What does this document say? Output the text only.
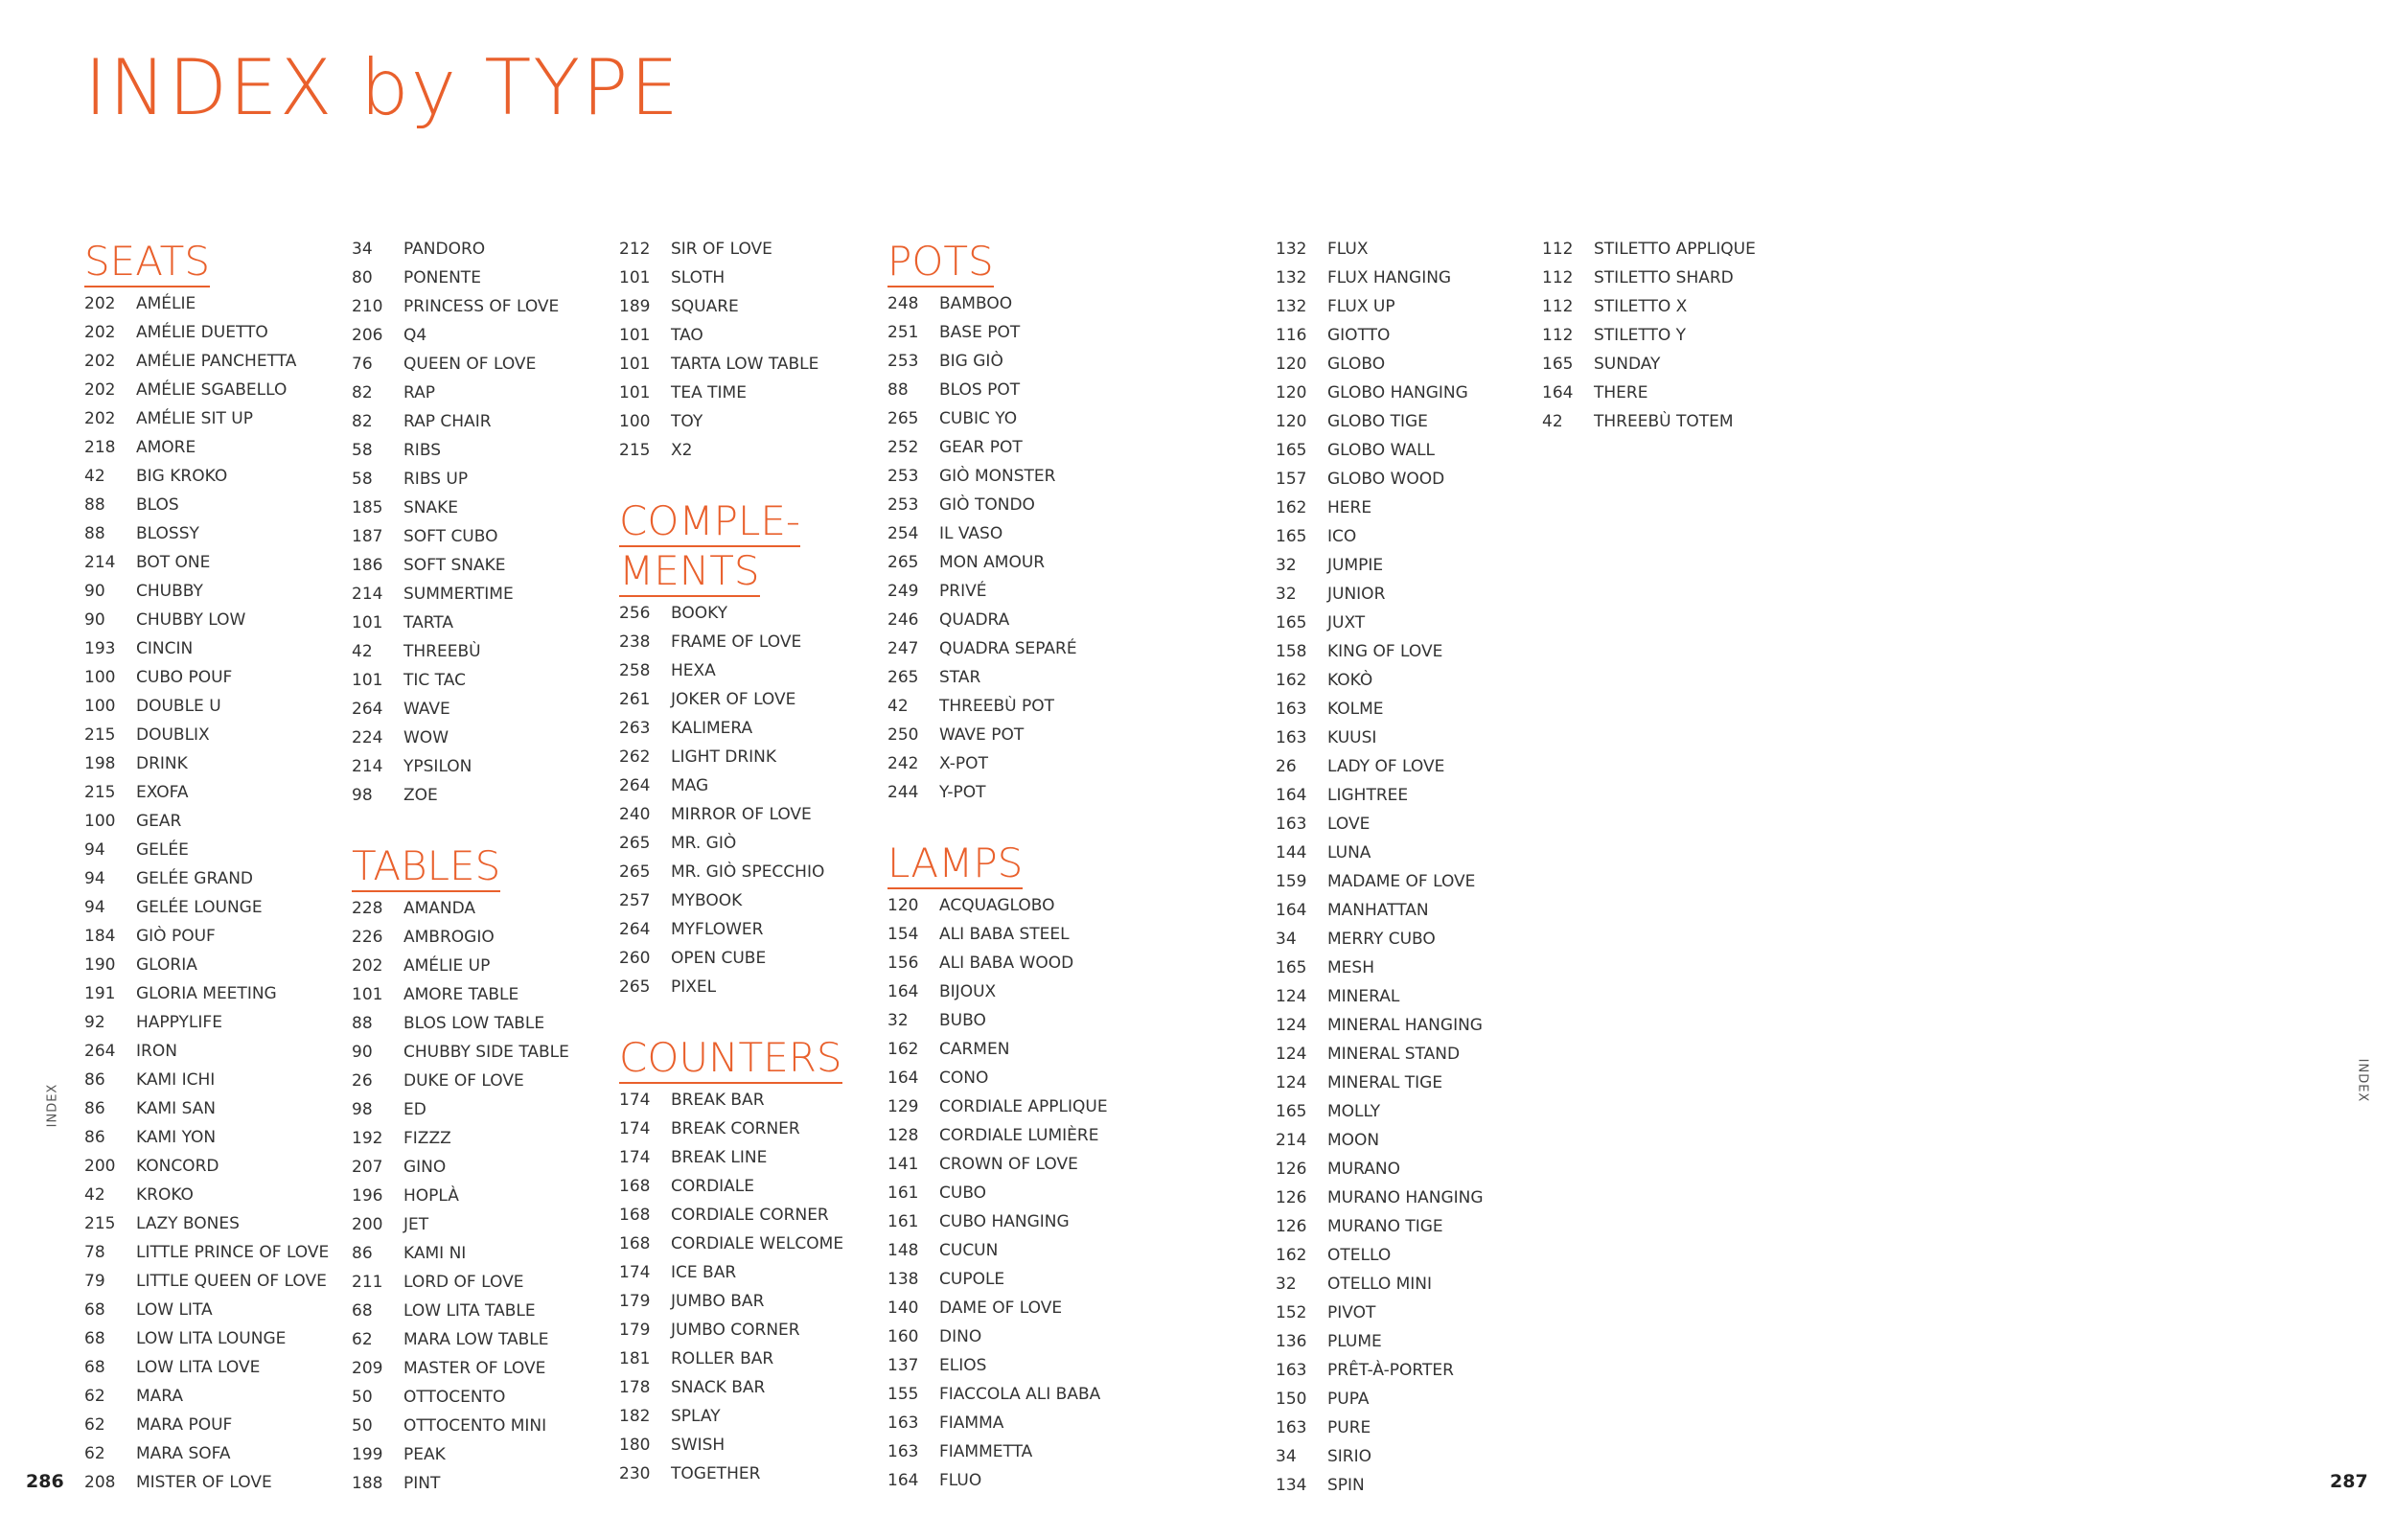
INDEX by TYPE
SEATS

202 AMÉLIE
202 AMÉLIE DUETTO
202 AMÉLIE PANCHETTA
202 AMÉLIE SGABELLO
202 AMÉLIE SIT UP
218 AMORE
42 BIG KROKO
88 BLOS
88 BLOSSY
214 BOT ONE
90 CHUBBY
90 CHUBBY LOW
193 CINCIN
100 CUBO POUF
100 DOUBLE U
215 DOUBLIX
198 DRINK
215 EXOFA
100 GEAR
94 GELÉE
94 GELÉE GRAND
94 GELÉE LOUNGE
184 GIÒ POUF
190 GLORIA
191 GLORIA MEETING
92 HAPPYLIFE
264 IRON
86 KAMI ICHI
86 KAMI SAN
86 KAMI YON
200 KONCORD
42 KROKO
215 LAZY BONES
78 LITTLE PRINCE OF LOVE
79 LITTLE QUEEN OF LOVE
68 LOW LITA
68 LOW LITA LOUNGE
68 LOW LITA LOVE
62 MARA
62 MARA POUF
62 MARA SOFA
208 MISTER OF LOVE
34 PANDORO
80 PONENTE
210 PRINCESS OF LOVE
206 Q4
76 QUEEN OF LOVE
82 RAP
82 RAP CHAIR
58 RIBS
58 RIBS UP
185 SNAKE
187 SOFT CUBO
186 SOFT SNAKE
214 SUMMERTIME
101 TARTA
42 THREEBÙ
101 TIC TAC
264 WAVE
224 WOW
214 YPSILON
98 ZOE
TABLES

228 AMANDA
226 AMBROGIO
202 AMÉLIE UP
101 AMORE TABLE
88 BLOS LOW TABLE
90 CHUBBY SIDE TABLE
26 DUKE OF LOVE
98 ED
192 FIZZZ
207 GINO
196 HOPLÀ
200 JET
86 KAMI NI
211 LORD OF LOVE
68 LOW LITA TABLE
62 MARA LOW TABLE
209 MASTER OF LOVE
50 OTTOCENTO
50 OTTOCENTO MINI
199 PEAK
188 PINT
212 SIR OF LOVE
101 SLOTH
189 SQUARE
101 TAO
101 TARTA LOW TABLE
101 TEA TIME
100 TOY
215 X2
COMPLE-
MENTS

256 BOOKY
238 FRAME OF LOVE
258 HEXA
261 JOKER OF LOVE
263 KALIMERA
262 LIGHT DRINK
264 MAG
240 MIRROR OF LOVE
265 MR. GIÒ
265 MR. GIÒ SPECCHIO
257 MYBOOK
264 MYFLOWER
260 OPEN CUBE
265 PIXEL
COUNTERS

174 BREAK BAR
174 BREAK CORNER
174 BREAK LINE
168 CORDIALE
168 CORDIALE CORNER
168 CORDIALE WELCOME
174 ICE BAR
179 JUMBO BAR
179 JUMBO CORNER
181 ROLLER BAR
178 SNACK BAR
182 SPLAY
180 SWISH
230 TOGETHER
POTS

248 BAMBOO
251 BASE POT
253 BIG GIÒ
88 BLOS POT
265 CUBIC YO
252 GEAR POT
253 GIÒ MONSTER
253 GIÒ TONDO
254 IL VASO
265 MON AMOUR
249 PRIVÉ
246 QUADRA
247 QUADRA SEPARÉ
265 STAR
42 THREEBÙ POT
250 WAVE POT
242 X-POT
244 Y-POT
LAMPS

120 ACQUAGLOBO
154 ALI BABA STEEL
156 ALI BABA WOOD
164 BIJOUX
32 BUBO
162 CARMEN
164 CONO
129 CORDIALE APPLIQUE
128 CORDIALE LUMIÈRE
141 CROWN OF LOVE
161 CUBO
161 CUBO HANGING
148 CUCUN
138 CUPOLE
140 DAME OF LOVE
160 DINO
137 ELIOS
155 FIACCOLA ALI BABA
163 FIAMMA
163 FIAMMETTA
164 FLUO
132 FLUX
132 FLUX HANGING
132 FLUX UP
116 GIOTTO
120 GLOBO
120 GLOBO HANGING
120 GLOBO TIGE
165 GLOBO WALL
157 GLOBO WOOD
162 HERE
165 ICO
32 JUMPIE
32 JUNIOR
165 JUXT
158 KING OF LOVE
162 KOKÒ
163 KOLME
163 KUUSI
26 LADY OF LOVE
164 LIGHTREE
163 LOVE
144 LUNA
159 MADAME OF LOVE
164 MANHATTAN
34 MERRY CUBO
165 MESH
124 MINERAL
124 MINERAL HANGING
124 MINERAL STAND
124 MINERAL TIGE
165 MOLLY
214 MOON
126 MURANO
126 MURANO HANGING
126 MURANO TIGE
162 OTELLO
32 OTELLO MINI
152 PIVOT
136 PLUME
163 PRÊT-À-PORTER
150 PUPA
163 PURE
34 SIRIO
134 SPIN
112 STILETTO APPLIQUE
112 STILETTO SHARD
112 STILETTO X
112 STILETTO Y
165 SUNDAY
164 THERE
42 THREEBÙ TOTEM
INDEX
INDEX
286	287
